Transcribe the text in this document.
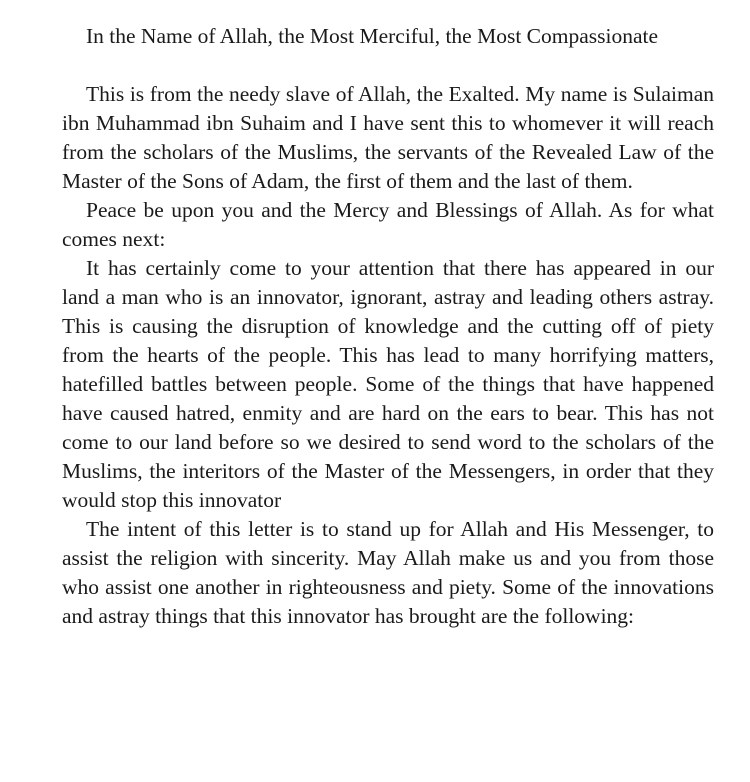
In the Name of Allah, the Most Merciful, the Most Compassionate

This is from the needy slave of Allah, the Exalted. My name is Sulaiman ibn Muhammad ibn Suhaim and I have sent this to whomever it will reach from the scholars of the Muslims, the servants of the Revealed Law of the Master of the Sons of Adam, the first of them and the last of them.

Peace be upon you and the Mercy and Blessings of Allah. As for what comes next:

It has certainly come to your attention that there has appeared in our land a man who is an innovator, ignorant, astray and leading others astray. This is causing the disruption of knowledge and the cutting off of piety from the hearts of the people. This has lead to many horrifying matters, hatefilled battles between people. Some of the things that have happened have caused hatred, enmity and are hard on the ears to bear. This has not come to our land before so we desired to send word to the scholars of the Muslims, the interitors of the Master of the Messengers, in order that they would stop this innovator

The intent of this letter is to stand up for Allah and His Messenger, to assist the religion with sincerity. May Allah make us and you from those who assist one another in righteousness and piety. Some of the innovations and astray things that this innovator has brought are the following:
